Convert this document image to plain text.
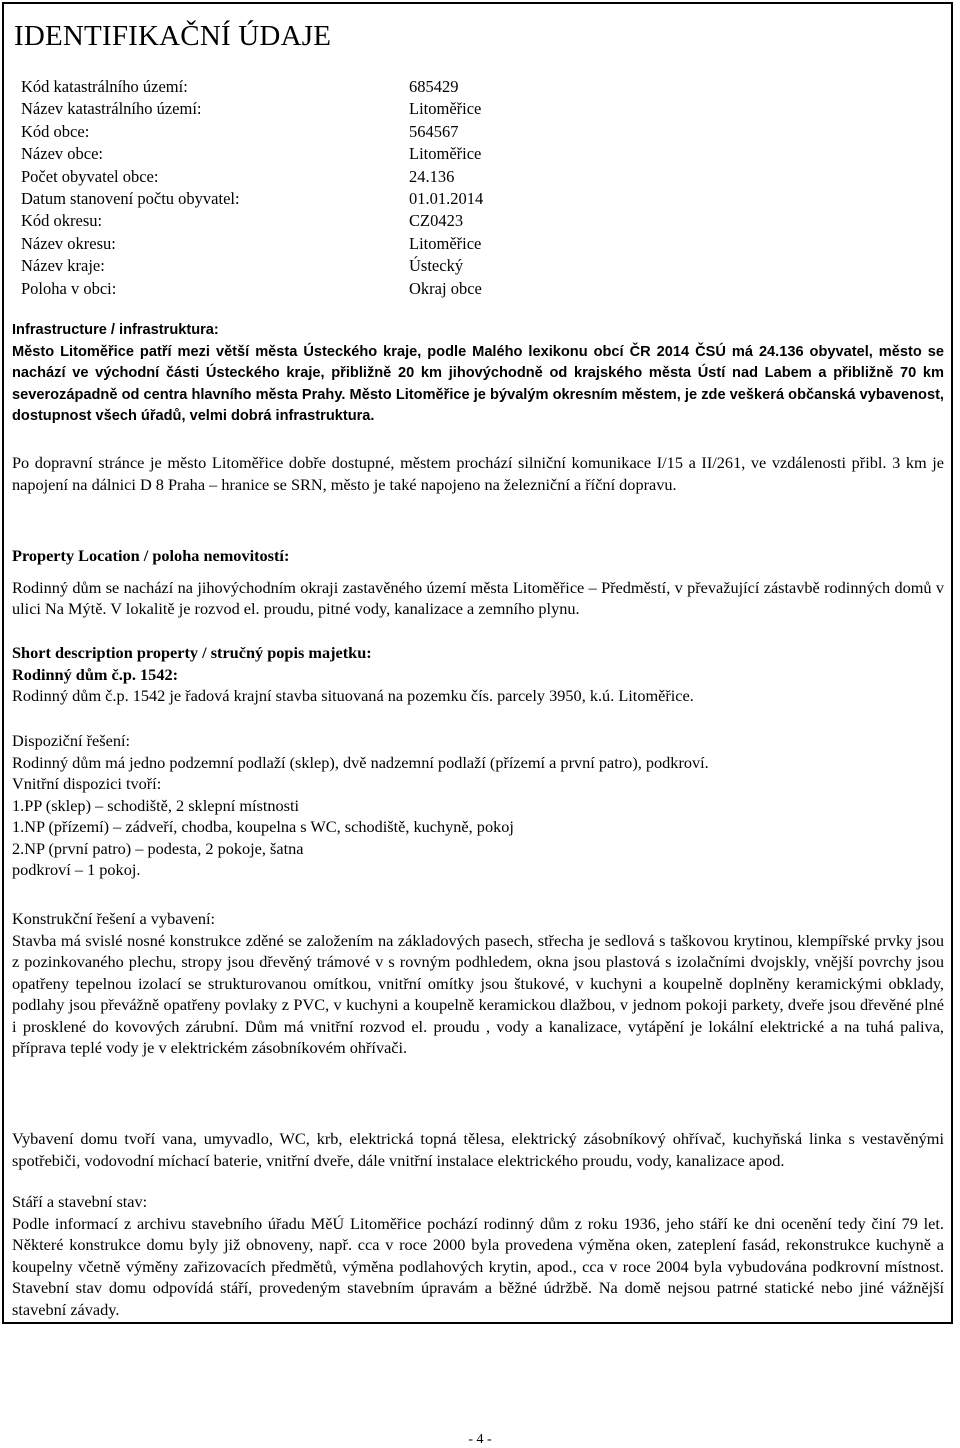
IDENTIFIKAČNÍ ÚDAJE
Kód katastrálního území:	685429
Název katastrálního území:	Litoměřice
Kód obce:	564567
Název obce:	Litoměřice
Počet obyvatel obce:	24.136
Datum stanovení počtu obyvatel:	01.01.2014
Kód okresu:	CZ0423
Název okresu:	Litoměřice
Název kraje:	Ústecký
Poloha v obci:	Okraj obce

Infrastructure / infrastruktura:

Město Litoměřice patří mezi větší města Ústeckého kraje, podle Malého lexikonu obcí ČR 2014 ČSÚ má 24.136 obyvatel, město se nachází ve východní části Ústeckého kraje, přibližně 20 km jihovýchodně od krajského města Ústí nad Labem a přibližně 70 km severozápadně od centra hlavního města Prahy. Město Litoměřice je bývalým okresním městem, je zde veškerá občanská vybavenost, dostupnost všech úřadů, velmi dobrá infrastruktura.

Po dopravní stránce je město Litoměřice dobře dostupné, městem prochází silniční komunikace I/15 a II/261, ve vzdálenosti přibl. 3 km je napojení na dálnici D 8 Praha – hranice se SRN, město je také napojeno na železniční a říční dopravu.

Property Location / poloha nemovitostí:

Rodinný dům se nachází na jihovýchodním okraji zastavěného území města Litoměřice – Předměstí, v převažující zástavbě rodinných domů v ulici Na Mýtě. V lokalitě je rozvod el. proudu, pitné vody, kanalizace a zemního plynu.

Short description property / stručný popis majetku:

Rodinný dům č.p. 1542:

Rodinný dům č.p. 1542 je řadová krajní stavba situovaná na pozemku čís. parcely 3950, k.ú. Litoměřice.

Dispoziční řešení:

Rodinný dům má jedno podzemní podlaží (sklep), dvě nadzemní podlaží (přízemí a první patro), podkroví.

Vnitřní dispozici tvoří:

1.PP (sklep) – schodiště, 2 sklepní místnosti

1.NP (přízemí) – zádveří, chodba, koupelna s WC, schodiště, kuchyně, pokoj

2.NP (první patro) – podesta, 2 pokoje, šatna

podkroví – 1 pokoj.

Konstrukční řešení a vybavení:

Stavba má svislé nosné konstrukce zděné se založením na základových pasech, střecha je sedlová s taškovou krytinou, klempířské prvky jsou z pozinkovaného plechu, stropy jsou dřevěný trámové v s rovným podhledem, okna jsou plastová s izolačními dvojskly, vnější povrchy jsou opatřeny tepelnou izolací se strukturovanou omítkou, vnitřní omítky jsou štukové, v kuchyni a koupelně doplněny keramickými obklady, podlahy jsou převážně opatřeny povlaky z PVC, v kuchyni a koupelně keramickou dlažbou, v jednom pokoji parkety, dveře jsou dřevěné plné i prosklené do kovových zárubní. Dům má vnitřní rozvod el. proudu , vody a kanalizace, vytápění je lokální elektrické a na tuhá paliva, příprava teplé vody je v elektrickém zásobníkovém ohřívači.

Vybavení domu tvoří vana, umyvadlo, WC, krb, elektrická topná tělesa, elektrický zásobníkový ohřívač, kuchyňská linka s vestavěnými spotřebiči, vodovodní míchací baterie, vnitřní dveře, dále vnitřní instalace elektrického proudu, vody, kanalizace apod.

Stáří a stavební stav:

Podle informací z archivu stavebního úřadu MěÚ Litoměřice pochází rodinný dům z roku 1936, jeho stáří ke dni ocenění tedy činí 79 let. Některé konstrukce domu byly již obnoveny, např. cca v roce 2000 byla provedena výměna oken, zateplení fasád, rekonstrukce kuchyně a koupelny včetně výměny zařizovacích předmětů, výměna podlahových krytin, apod., cca v roce 2004 byla vybudována podkrovní místnost. Stavební stav domu odpovídá stáří, provedeným stavebním úpravám a běžné údržbě. Na domě nejsou patrné statické nebo jiné vážnější stavební závady.

- 4 -
